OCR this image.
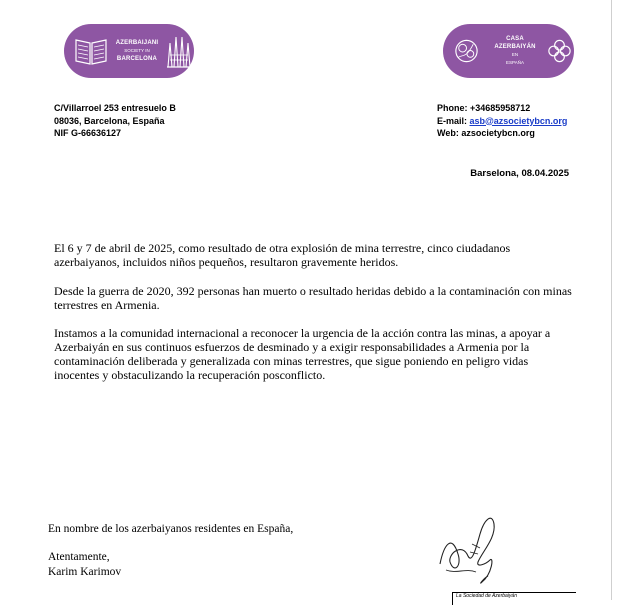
AZERBAIJANI
SOCIETY IN
BARCELONA
CASA AZERBAIYÁN
EN
ESPAÑA
C/Villarroel 253 entresuelo B
08036, Barcelona, España
NIF G-66636127
Phone: +34685958712
E-mail: asb@azsocietybcn.org
Web: azsocietybcn.org
Barselona, 08.04.2025

El 6 y 7 de abril de 2025, como resultado de otra explosión de mina terrestre, cinco ciudadanos azerbaiyanos, incluidos niños pequeños, resultaron gravemente heridos.

Desde la guerra de 2020, 392 personas han muerto o resultado heridas debido a la contaminación con minas terrestres en Armenia.

Instamos a la comunidad internacional a reconocer la urgencia de la acción contra las minas, a apoyar a Azerbaiyán en sus continuos esfuerzos de desminado y a exigir responsabilidades a Armenia por la contaminación deliberada y generalizada con minas terrestres, que sigue poniendo en peligro vidas inocentes y obstaculizando la recuperación posconflicto.

En nombre de los azerbaiyanos residentes en España,

Atentamente,

Karim Karimov

La Sociedad de Azerbaiyán
